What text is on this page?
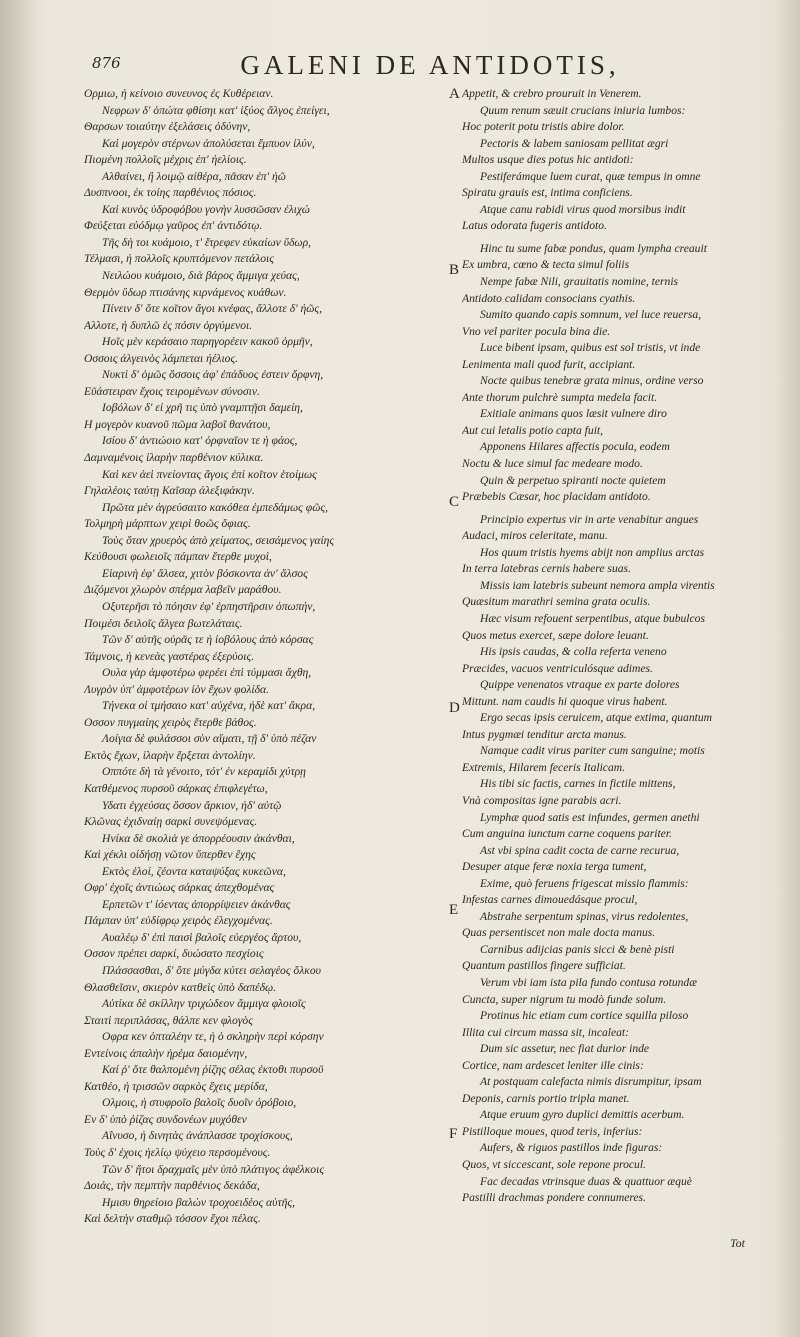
876	GALENI DE ANTIDOTIS,
Ορμιω, ἠ κείνοιο συνευνος ἐς Κυθέρειαν.
Νεφρων δ' ὁπώτα φθίσηι κατ' ἰξύος ἄλγος ἐπείγει,
Θαρσων τοιαύτην ἐξελάσεις ὀδύνην,
Καὶ μογερὸν στέρνων ἀπολύσεται ἔμπυον ἰλύν,
Πιομένη πολλοῖς μέχρις ἐπ' ἠελίοις.
Αλθαίνει, ἢ λοιμῷ αἰθέρα, πᾶσαν ἐπ' ἠῶ
Δυσπνοοι, ἐκ τοίης παρθένιος πόσιος.
Καὶ κυνὸς ὑδροφόβου γονὴν λυσσῶσαν ἐλιχώ
Φεύξεται εὐόδμῳ γαῦρος ἐπ' ἀντιδότῳ.
Τῆς δὴ τοι κυάμοιο, τ' ἔτρεφεν εὐκαίων ὕδωρ,
Τέλμασι, ἠ πολλοῖς κρυπτόμενον πετάλοις
Νειλώου κυάμοιο, διὰ βάρος ἄμμιγα χεύας,
Θερμὸν ὕδωρ πτισάνης κιρνάμενος κυάθων.
Πίνειν δ' ὅτε κοῖτον ἄγοι κνέφας, ἄλλοτε δ' ἠῶς,
Αλλοτε, ἠ δυπλῶ ἐς πόσιν ὀργύμενοι.
Ηοῖς μὲν κεράσαιο παρηγορέειν κακοῦ ὀρμῆν,
Οσσοις ἀλγεινὸς λάμπεται ἠέλιος.
Νυκτὶ δ' ὁμῶς ὅσσοις ἀφ' ἐπάδυος ἐστειν ὄρφνη,
Εῦάστειραν ἔχοις τειρομένων σύνοσιν.
Ιοβόλων δ' εἰ χρῆ τις ὑπὸ γναμπτῇσι δαμείη,
Η μογερὸν κυανοῦ πῶμα λαβοῖ θανάτου,
Ισίου δ' ἀντιώοιο κατ' ὀρφναῖον τε ἠ φάος,
Δαμναμένοις ἱλαρὴν παρθένιον κύλικα.
Καὶ κεν ἀεὶ πνείοντας ἄγοις ἐπὶ κοῖτον ἑτοίμως
Γηλαλέοις ταύτῃ Καῖσαρ ἀλεξιφάκην.
Πρῶτα μὲν ἀγρεύσαιτο κακόθεα ἐμπεδάμως φῶς,
Τολμηρὴ μάρπτων χειρὶ θοῶς ὄφιας.
Τοὺς ὅταν χρυερὸς ἀπὸ χείματος, σεισάμενος γαίης
Κεύθουσι φωλειοῖς πάμπαν ἔτερθε μυχοὶ,
Εἰαρινὴ ἐφ' ἄλσεα, χιτὸν βόσκοντα ἀν' ἄλσος
Διζόμενοι χλωρὸν σπέρμα λαβεῖν μαράθου.
Οξυτερῆσι τὸ πόησιν ἐφ' ἑρπηστῆρσιν ὀπωπήν,
Ποιμέσι δειλοῖς ἄλγεα βωτελάταις.
Τῶν δ' αὐτῆς οὐρᾶς τε ἠ ἰοβόλους ἀπὸ κόρσας
Τάμνοις, ἠ κενεὰς γαστέρας ἐξερύοις.
Ουλα γὰρ ἀμφοτέρω φερέει ἐπὶ τύμμασι ἄχθη,
Λυγρὸν ὑπ' ἀμφοτέρων ἰὸν ἔχων φολίδα.
Τήνεκα οἱ τμήσαιο κατ' αὐχένα, ἠδὲ κατ' ἄκρα,
Οσσον πυγμαίης χειρὸς ἔτερθε βάθος.
Λοίγια δὲ φυλάσσοι σὺν αἵματι, τῇ δ' ὑπὸ πέζαν
Εκτὸς ἔχων, ἱλαρὴν ἔρξεται ἀντολίην.
Οππότε δὴ τὰ γένοιτο, τότ' ἐν κεραμίδι χύτρῃ
Κατθέμενος πυρσοῦ σάρκας ἐπιφλεγέτω,
Υδατι ἐγχεύσας ὅσσον ἄρκιον, ἠδ' αὐτῷ
Κλῶνας ἐχιδναίῃ σαρκὶ συνεψόμενας.
Ηνίκα δὲ σκολιὰ γε ἀπορρέουσιν ἀκάνθαι,
Καὶ χέκλι οἰδήσῃ νῶτον ὕπερθεν ἔχης
Εκτὸς ἑλοί, ζέοντα καταψύξας κυκεῶνα,
Οφρ' ἐχοῖς ἀντιώως σάρκας ἀπεχθομένας
Ερπετῶν τ' ἰόεντας ἀπορρίψειεν ἀκάνθας
Πάμπαν ὑπ' εὐδίφρῳ χειρὸς ἐλεγχομένας.
Αυαλέῳ δ' ἐπὶ παισὶ βαλοῖς εὐεργέος ἄρτου,
Οσσον πρέπει σαρκί, δυώσατο πεσχίοις
Πλάσσασθαι, δ' ὅτε μύγδα κύτει σελαγέος ὄλκου
Θλασθεῖσιν, σκιερὸν κατθεὶς ὑπὸ δαπέδῳ.
Αὐτίκα δὲ σκίλλην τριχώδεον ἄμμιγα φλοιοῖς
Σταιτὶ περιπλάσας, θάλπε κεν φλογὸς
Οφρα κεν ὀπταλέην τε, ἠ ὁ σκληρὴν περὶ κόρσην
Εντείνοις ἀπαλὴν ἠρέμα δαιομένην,
Καί ῥ' ὅτε θαλπομένη ῥίζης σέλας ἐκτοθι πυρσοῦ
Κατθέο, ἠ τρισσῶν σαρκὸς ἔχεις μερίδα,
Ολμοις, ἠ στυφροῖο βαλοῖς δυοῖν ὀρόβοιο,
Εν δ' ὑπὸ ῥίζας συνδονέων μυχόθεν
Αΐνυσο, ἠ δινητὰς ἀνάπλασσε τροχίσκους,
Τοὺς δ' ἐχοις ἠελίῳ ψύχειο περσομένους.
Τῶν δ' ἤτοι δραχμαῖς μὲν ὑπὸ πλάτιγος ἀφέλκοις
Δοιάς, τὴν πεμπτὴν παρθένιος δεκάδα,
Ημισυ θηρείοιο βαλὼν τροχοειδέος αὐτῆς,
Καὶ δελτὴν σταθμῷ τόσσον ἔχοι πέλας.
Appetit, & crebro prouruit in Venerem.
Quum renum sæuit crucians iniuria lumbos:
Hoc poterit potu tristis abire dolor.
Pectoris & labem saniosam pellitat ægri
Multos usque dies potus hic antidoti:
Pestiferámque luem curat, quæ tempus in omne
Spiratu grauis est, intima conficiens.
Atque canu rabidi virus quod morsibus indit
Latus odorata fugeris antidoto.
Hinc tu sume fabæ pondus, quam lympha creauit
Ex umbra, cœno & tecta simul foliis
Nempe fabæ Nili, grauitatis nomine, ternis
Antidoto calidam consocians cyathis.
Sumito quando capis somnum, vel luce reuersa,
Vno vel pariter pocula bina die.
Luce bibent ipsam, quibus est sol tristis, vt inde
Lenimenta mali quod furit, accipiant.
Nocte quibus tenebræ grata minus, ordine verso
Ante thorum pulchrè sumpta medela facit.
Exitiale animans quos læsit vulnere diro
Aut cui letalis potio capta fuit,
Apponens Hilares affectis pocula, eodem
Noctu & luce simul fac medeare modo.
Quin & perpetuo spiranti nocte quietem
Præbebis Cæsar, hoc placidam antidoto.
Principio expertus vir in arte venabitur angues
Audaci, miros celeritate, manu.
Hos quum tristis hyems abijt non amplius arctas
In terra latebras cernis habere suas.
Missis iam latebris subeunt nemora ampla virentis
Quæsitum marathri semina grata oculis.
Hæc visum refouent serpentibus, atque bubulcos
Quos metus exercet, sæpe dolore leuant.
His ipsis caudas, & colla referta veneno
Præcides, vacuos ventriculósque adimes.
Quippe venenatos vtraque ex parte dolores
Mittunt. nam caudis hi quoque virus habent.
Ergo secas ipsis ceruicem, atque extima, quantum
Intus pygmæi tenditur arcta manus.
Namque cadit virus pariter cum sanguine; motis
Extremis, Hilarem feceris Italicam.
His tibi sic factis, carnes in fictile mittens,
Vnà compositas igne parabis acri.
Lymphæ quod satis est infundes, germen anethi
Cum anguina iunctum carne coquens pariter.
Ast vbi spina cadit cocta de carne recurua,
Desuper atque feræ noxia terga tument,
Exime, quò feruens frigescat missio flammis:
Infestas carnes dimouedásque procul,
Abstrahe serpentum spinas, virus redolentes,
Quas persentiscet non male docta manus.
Carnibus adijcias panis sicci & benè pisti
Quantum pastillos fingere sufficiat.
Verum vbi iam ista pila fundo contusa rotundæ
Cuncta, super nigrum tu modò funde solum.
Protinus hic etiam cum cortice squilla piloso
Illita cui circum massa sit, incaleat:
Dum sic assetur, nec fiat durior inde
Cortice, nam ardescet leniter ille cinis:
At postquam calefacta nimis disrumpitur, ipsam
Deponis, carnis portio tripla manet.
Atque eruum gyro duplici demittis acerbum.
Pistilloque moues, quod teris, inferius:
Aufers, & riguos pastillos inde figuras:
Quos, vt siccescant, sole repone procul.
Fac decadas vtrinsque duas & quattuor æquè
Pastilli drachmas pondere connumeres.
A
B
C
D
E
F
Tot
